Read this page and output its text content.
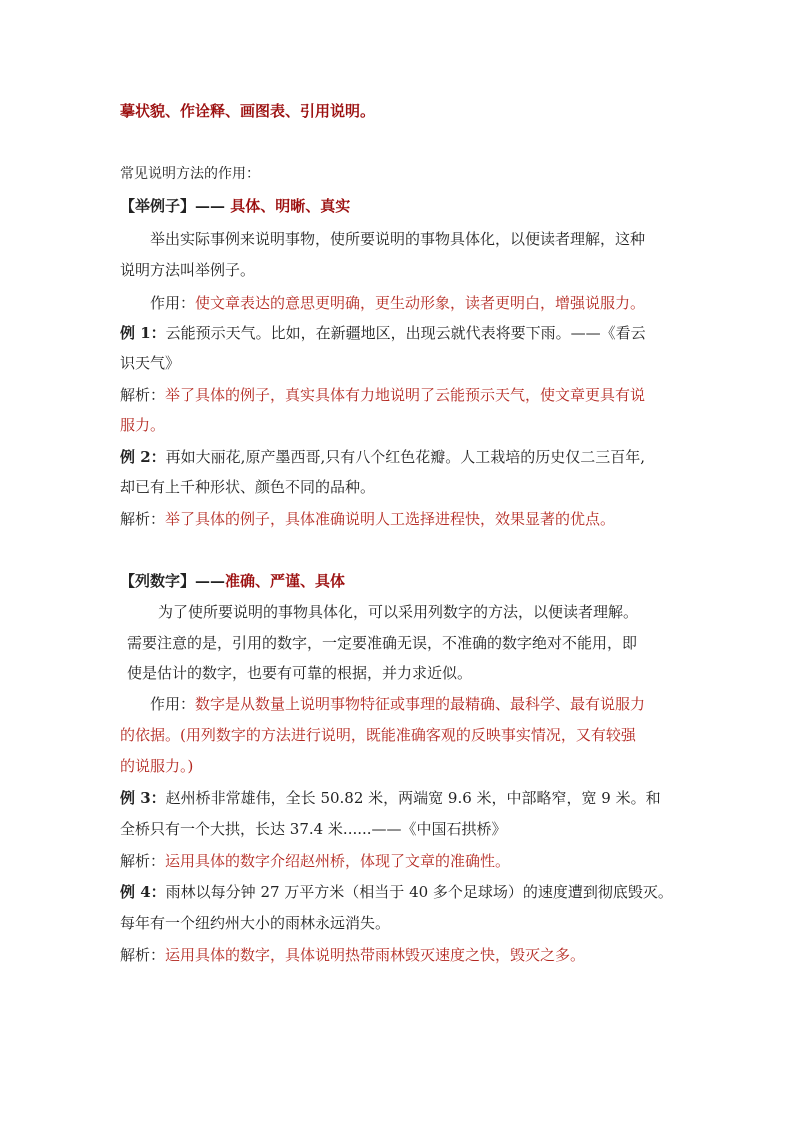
摹状貌、作诠释、画图表、引用说明。
常见说明方法的作用：
【举例子】—— 具体、明晰、真实
举出实际事例来说明事物，使所要说明的事物具体化，以便读者理解，这种
说明方法叫举例子。
作用：使文章表达的意思更明确，更生动形象，读者更明白，增强说服力。
例 1：云能预示天气。比如，在新疆地区，出现云就代表将要下雨。——《看云
识天气》
解析：举了具体的例子，真实具体有力地说明了云能预示天气，使文章更具有说
服力。
例 2：再如大丽花,原产墨西哥,只有八个红色花瓣。人工栽培的历史仅二三百年,
却已有上千种形状、颜色不同的品种。
解析：举了具体的例子，具体准确说明人工选择进程快，效果显著的优点。
【列数字】——准确、严谨、具体
为了使所要说明的事物具体化，可以采用列数字的方法，以便读者理解。
需要注意的是，引用的数字，一定要准确无误，不准确的数字绝对不能用，即
使是估计的数字，也要有可靠的根据，并力求近似。
作用：数字是从数量上说明事物特征或事理的最精确、最科学、最有说服力
的依据。(用列数字的方法进行说明，既能准确客观的反映事实情况，又有较强
的说服力。)
例 3：赵州桥非常雄伟，全长 50.82 米，两端宽 9.6 米，中部略窄，宽 9 米。和
全桥只有一个大拱，长达 37.4 米......——《中国石拱桥》
解析：运用具体的数字介绍赵州桥，体现了文章的准确性。
例 4：雨林以每分钟 27 万平方米（相当于 40 多个足球场）的速度遭到彻底毁灭。
每年有一个纽约州大小的雨林永远消失。
解析：运用具体的数字，具体说明热带雨林毁灭速度之快，毁灭之多。
